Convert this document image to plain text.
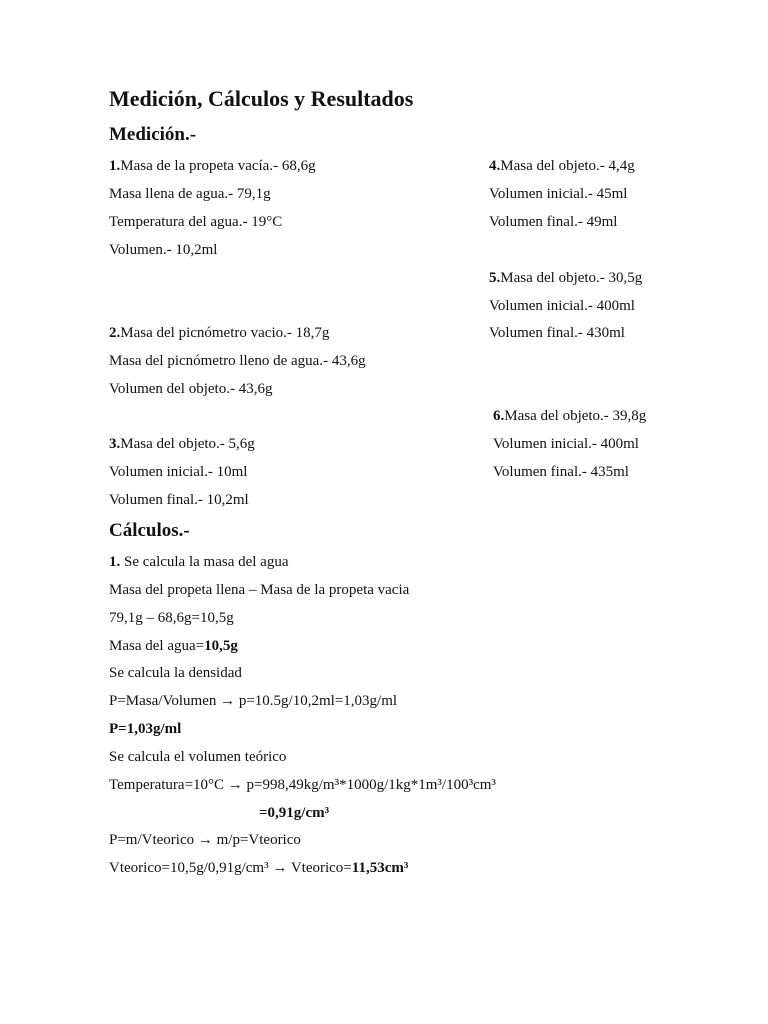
Medición, Cálculos y Resultados
Medición.-
1.Masa de la propeta vacía.- 68,6g
Masa llena de agua.- 79,1g
Temperatura del agua.- 19°C
Volumen.- 10,2ml
2.Masa del picnómetro vacio.- 18,7g
Masa del picnómetro lleno de agua.- 43,6g
Volumen del objeto.- 43,6g
3.Masa del objeto.- 5,6g
Volumen inicial.- 10ml
Volumen final.- 10,2ml
4.Masa del objeto.- 4,4g
Volumen inicial.- 45ml
Volumen final.- 49ml
5.Masa del objeto.- 30,5g
Volumen inicial.- 400ml
Volumen final.- 430ml
6.Masa del objeto.- 39,8g
Volumen inicial.- 400ml
Volumen final.- 435ml
Cálculos.-
1. Se calcula la masa del agua
Masa del propeta llena – Masa de la propeta vacia
79,1g – 68,6g=10,5g
Masa del agua=10,5g
Se calcula la densidad
P=Masa/Volumen → p=10.5g/10,2ml=1,03g/ml
P=1,03g/ml
Se calcula el volumen teórico
Temperatura=10°C → p=998,49kg/m³*1000g/1kg*1m³/100³cm³
=0,91g/cm³
P=m/Vteorico → m/p=Vteorico
Vteorico=10,5g/0,91g/cm³ → Vteorico=11,53cm³
